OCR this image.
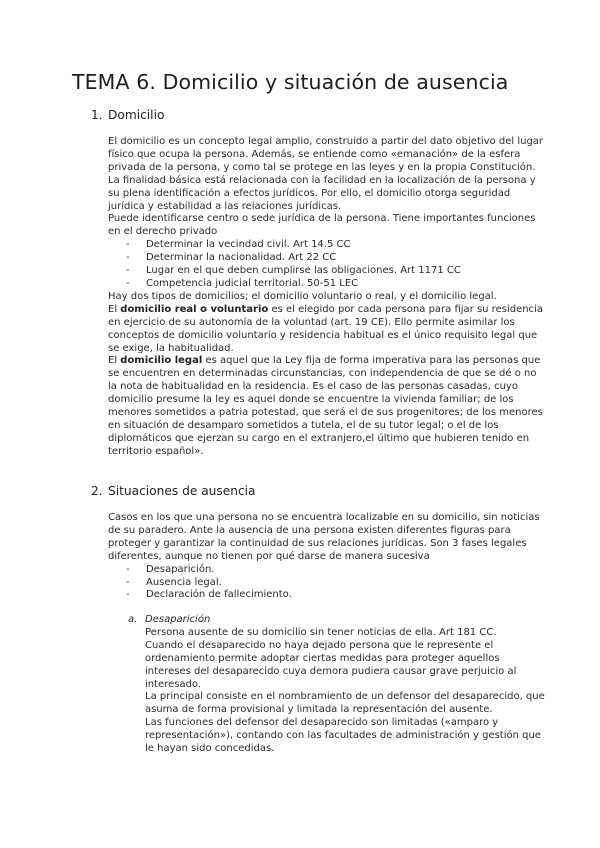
TEMA 6. Domicilio y situación de ausencia
1. Domicilio

El domicilio es un concepto legal amplio, construido a partir del dato objetivo del lugar físico que ocupa la persona. Además, se entiende como «emanación» de la esfera privada de la persona, y como tal se protege en las leyes y en la propia Constitución.

La finalidad básica está relacionada con la facilidad en la localización de la persona y su plena identificación a efectos jurídicos. Por ello, el domicilio otorga seguridad jurídica y estabilidad a las relaciones jurídicas.

Puede identificarse centro o sede jurídica de la persona. Tiene importantes funciones en el derecho privado

- Determinar la vecindad civil. Art 14.5 CC

- Determinar la nacionalidad. Art 22 CC

- Lugar en el que deben cumplirse las obligaciones. Art 1171 CC

- Competencia judicial territorial. 50-51 LEC

Hay dos tipos de domicilios; el domicilio voluntario o real, y el domicilio legal.

El domicilio real o voluntario es el elegido por cada persona para fijar su residencia en ejercicio de su autonomía de la voluntad (art. 19 CE). Ello permite asimilar los conceptos de domicilio voluntario y residencia habitual es el único requisito legal que se exige, la habitualidad.

El domicilio legal es aquel que la Ley fija de forma imperativa para las personas que se encuentren en determinadas circunstancias, con independencia de que se dé o no la nota de habitualidad en la residencia. Es el caso de las personas casadas, cuyo domicilio presume la ley es aquel donde se encuentre la vivienda familiar; de los menores sometidos a patria potestad, que será el de sus progenitores; de los menores en situación de desamparo sometidos a tutela, el de su tutor legal; o el de los diplomáticos que ejerzan su cargo en el extranjero,el último que hubieren tenido en territorio español».

2. Situaciones de ausencia

Casos en los que una persona no se encuentra localizable en su domicilio, sin noticias de su paradero. Ante la ausencia de una persona existen diferentes figuras para proteger y garantizar la continuidad de sus relaciones jurídicas. Son 3 fases legales diferentes, aunque no tienen por qué darse de manera sucesiva

- Desaparición.

- Ausencia legal.

- Declaración de fallecimiento.

a. Desaparición

Persona ausente de su domicilio sin tener noticias de ella. Art 181 CC.

Cuando el desaparecido no haya dejado persona que le represente el ordenamiento permite adoptar ciertas medidas para proteger aquellos intereses del desaparecido cuya demora pudiera causar grave perjuicio al interesado.

La principal consiste en el nombramiento de un defensor del desaparecido, que asuma de forma provisional y limitada la representación del ausente.

Las funciones del defensor del desaparecido son limitadas («amparo y representación»), contando con las facultades de administración y gestión que le hayan sido concedidas.
